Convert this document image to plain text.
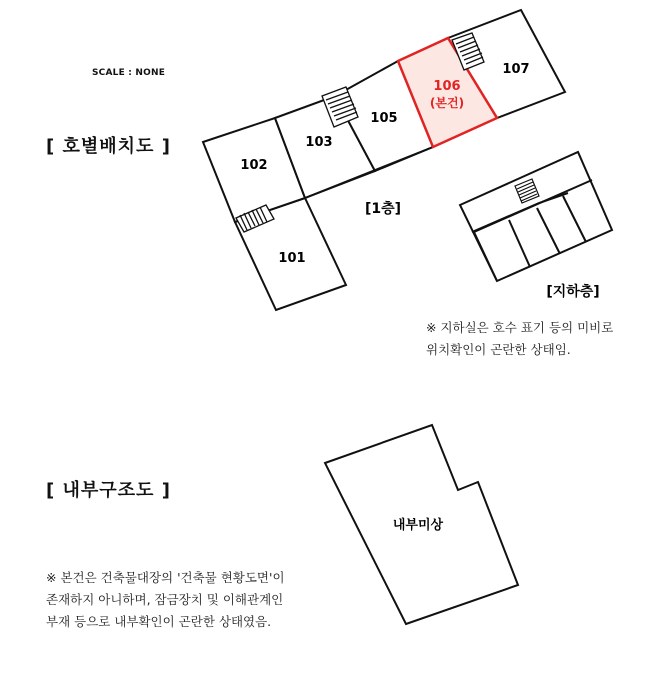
SCALE : NONE
[ 호별배치도 ]
101
102
103
105
106
(본건)
107
[1층]
[지하층]
내부미상
※ 지하실은 호수 표기 등의 미비로
위치확인이 곤란한 상태임.
[ 내부구조도 ]
※ 본건은 건축물대장의 '건축물 현황도면'이
존재하지 아니하며, 잠금장치 및 이해관계인
부재 등으로 내부확인이 곤란한 상태였음.
